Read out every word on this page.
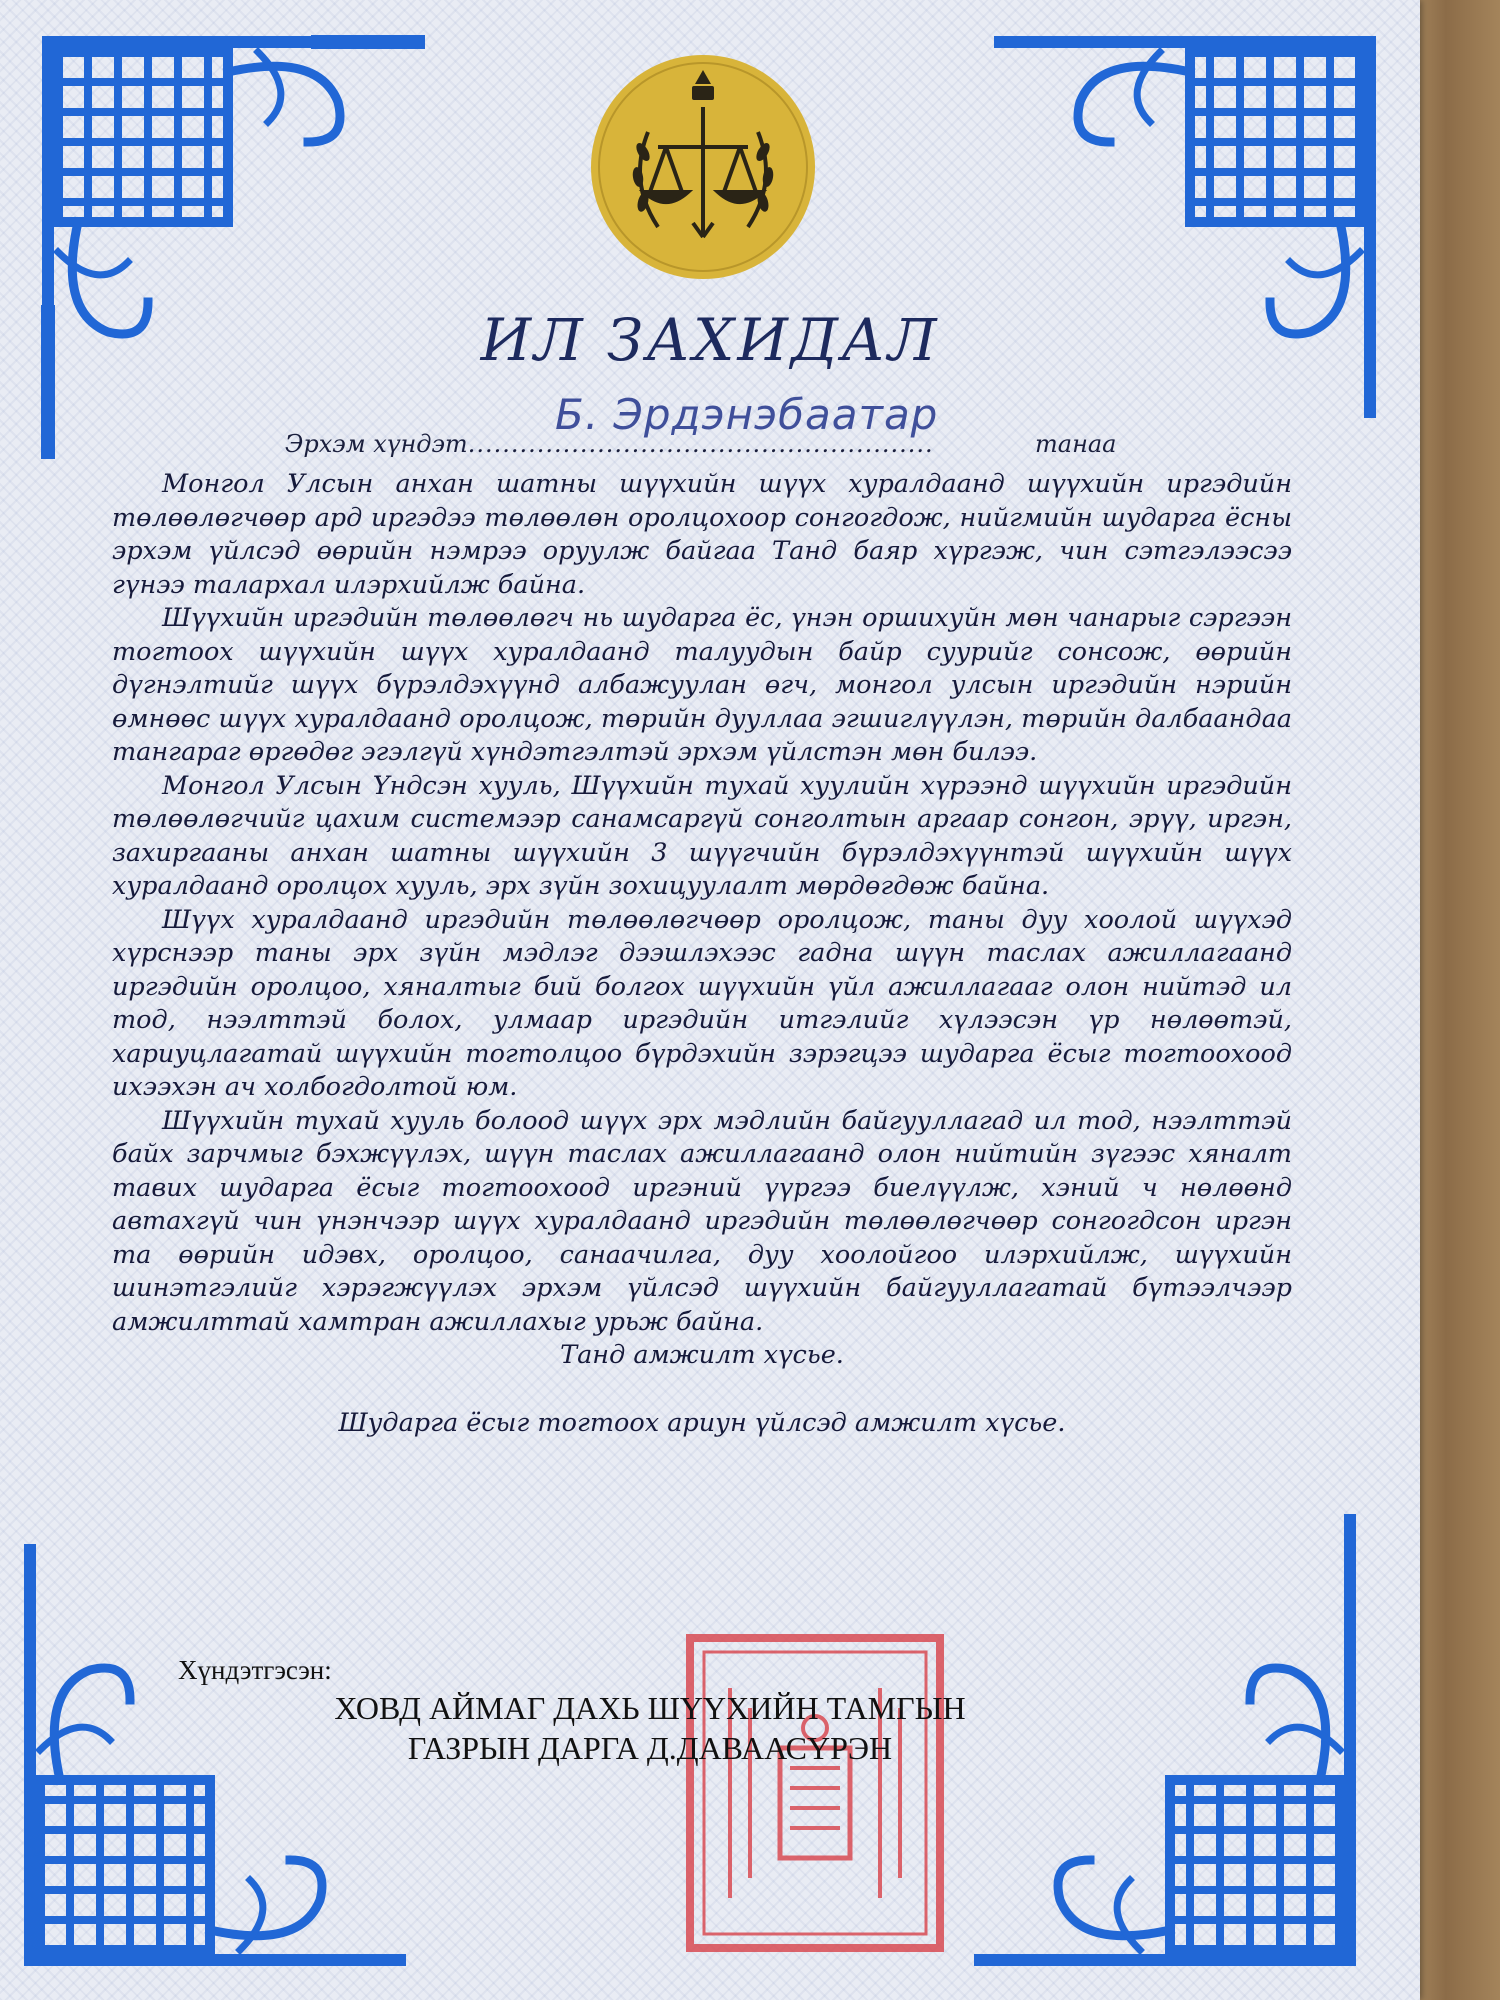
ИЛ ЗАХИДАЛ
Эрхэм хүндэт......................................................
Б. Эрдэнэбаатар
танаа

Монгол Улсын анхан шатны шүүхийн шүүх хуралдаанд шүүхийн иргэдийн төлөөлөгчөөр ард иргэдээ төлөөлөн оролцохоор сонгогдож, нийгмийн шударга ёсны эрхэм үйлсэд өөрийн нэмрээ оруулж байгаа Танд баяр хүргэж, чин сэтгэлээсээ гүнээ талархал илэрхийлж байна.

Шүүхийн иргэдийн төлөөлөгч нь шударга ёс, үнэн оршихуйн мөн чанарыг сэргээн тогтоох шүүхийн шүүх хуралдаанд талуудын байр суурийг сонсож, өөрийн дүгнэлтийг шүүх бүрэлдэхүүнд албажуулан өгч, монгол улсын иргэдийн нэрийн өмнөөс шүүх хуралдаанд оролцож, төрийн дууллаа эгшиглүүлэн, төрийн далбаандаа тангараг өргөдөг эгэлгүй хүндэтгэлтэй эрхэм үйлстэн мөн билээ.

Монгол Улсын Үндсэн хууль, Шүүхийн тухай хуулийн хүрээнд шүүхийн иргэдийн төлөөлөгчийг цахим системээр санамсаргүй сонголтын аргаар сонгон, эрүү, иргэн, захиргааны анхан шатны шүүхийн 3 шүүгчийн бүрэлдэхүүнтэй шүүхийн шүүх хуралдаанд оролцох хууль, эрх зүйн зохицуулалт мөрдөгдөж байна.

Шүүх хуралдаанд иргэдийн төлөөлөгчөөр оролцож, таны дуу хоолой шүүхэд хүрснээр таны эрх зүйн мэдлэг дээшлэхээс гадна шүүн таслах ажиллагаанд иргэдийн оролцоо, хяналтыг бий болгох шүүхийн үйл ажиллагааг олон нийтэд ил тод, нээлттэй болох, улмаар иргэдийн итгэлийг хүлээсэн үр нөлөөтэй, хариуцлагатай шүүхийн тогтолцоо бүрдэхийн зэрэгцээ шударга ёсыг тогтоохоод ихээхэн ач холбогдолтой юм.

Шүүхийн тухай хууль болоод шүүх эрх мэдлийн байгууллагад ил тод, нээлттэй байх зарчмыг бэхжүүлэх, шүүн таслах ажиллагаанд олон нийтийн зүгээс хяналт тавих шударга ёсыг тогтоохоод иргэний үүргээ биелүүлж, хэний ч нөлөөнд автахгүй чин үнэнчээр шүүх хуралдаанд иргэдийн төлөөлөгчөөр сонгогдсон иргэн та өөрийн идэвх, оролцоо, санаачилга, дуу хоолойгоо илэрхийлж, шүүхийн шинэтгэлийг хэрэгжүүлэх эрхэм үйлсэд шүүхийн байгууллагатай бүтээлчээр амжилттай хамтран ажиллахыг урьж байна.

Танд амжилт хүсье.

Шударга ёсыг тогтоох ариун үйлсэд амжилт хүсье.

Хүндэтгэсэн:
ХОВД АЙМАГ ДАХЬ ШҮҮХИЙН ТАМГЫН
ГАЗРЫН ДАРГА Д.ДАВААСҮРЭН
